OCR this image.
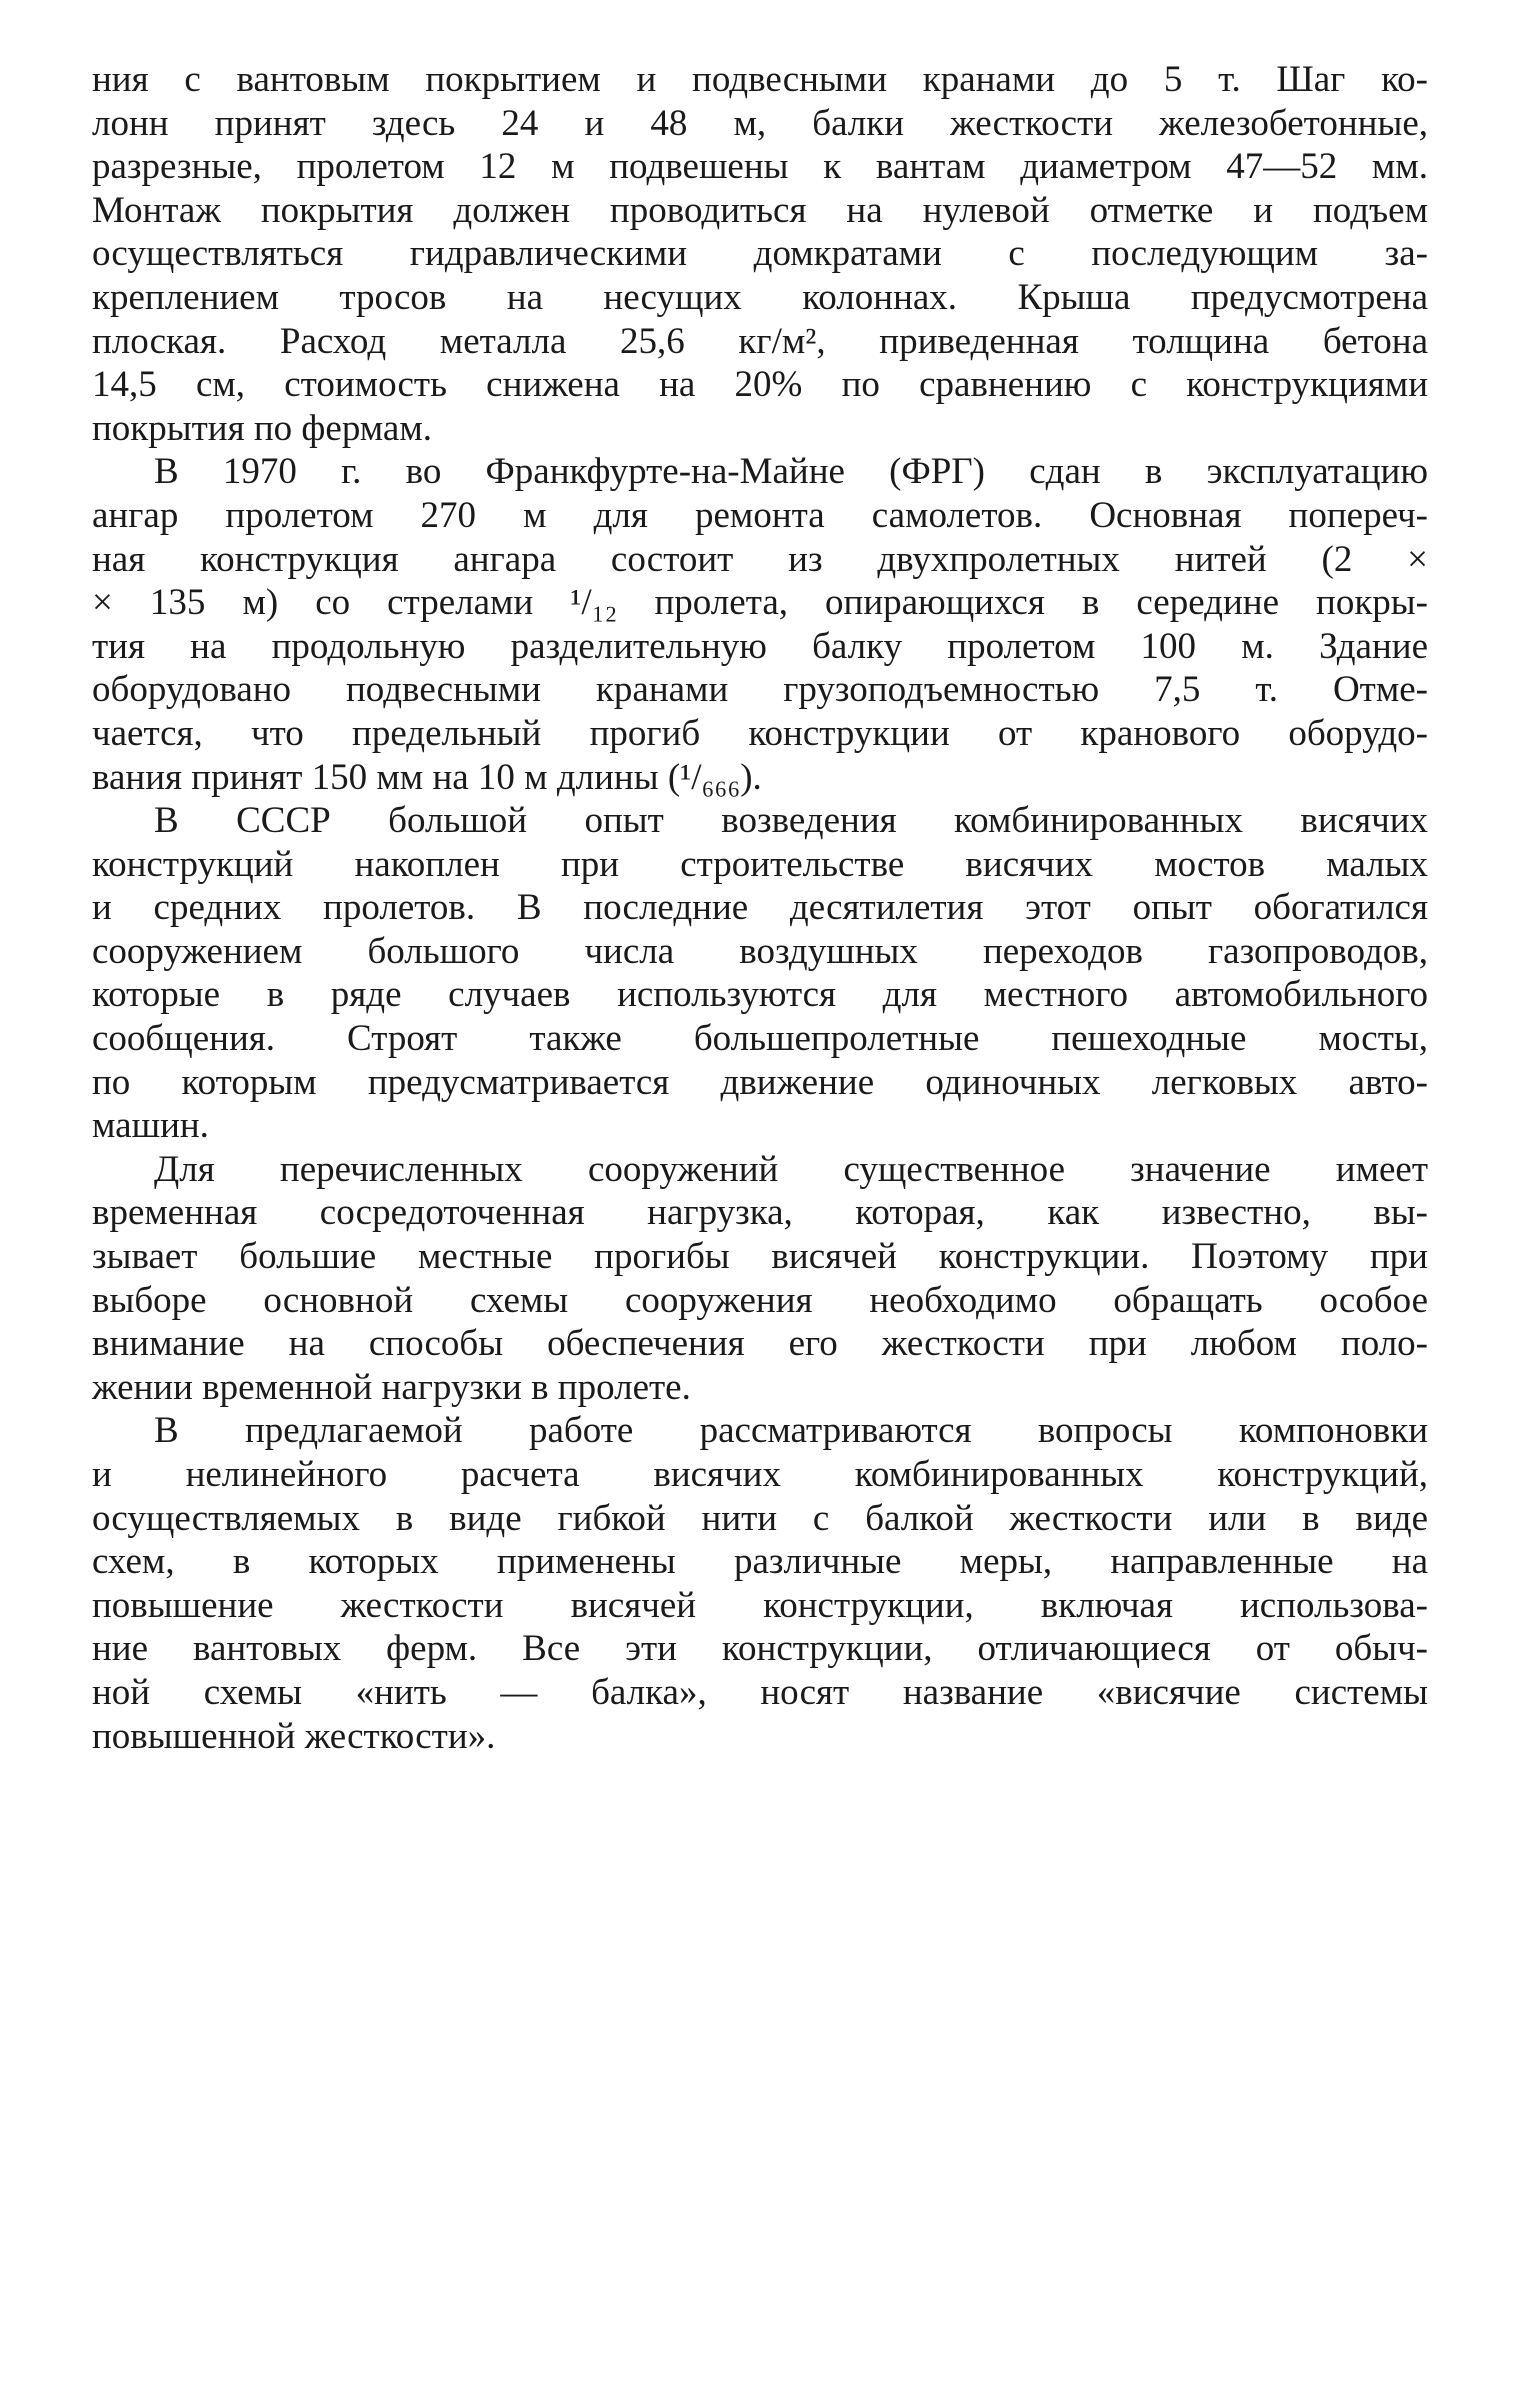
ния с вантовым покрытием и подвесными кранами до 5 т. Шаг ко-
лонн принят здесь 24 и 48 м, балки жесткости железобетонные,
разрезные, пролетом 12 м подвешены к вантам диаметром 47—52 мм.
Монтаж покрытия должен проводиться на нулевой отметке и подъем
осуществляться гидравлическими домкратами с последующим за-
креплением тросов на несущих колоннах. Крыша предусмотрена
плоская. Расход металла 25,6 кг/м², приведенная толщина бетона
14,5 см, стоимость снижена на 20% по сравнению с конструкциями
покрытия по фермам.

В 1970 г. во Франкфурте-на-Майне (ФРГ) сдан в эксплуатацию
ангар пролетом 270 м для ремонта самолетов. Основная попереч-
ная конструкция ангара состоит из двухпролетных нитей (2 ×
× 135 м) со стрелами ¹/₁₂ пролета, опирающихся в середине покры-
тия на продольную разделительную балку пролетом 100 м. Здание
оборудовано подвесными кранами грузоподъемностью 7,5 т. Отме-
чается, что предельный прогиб конструкции от кранового оборудо-
вания принят 150 мм на 10 м длины (¹/₆₆₆).

В СССР большой опыт возведения комбинированных висячих
конструкций накоплен при строительстве висячих мостов малых
и средних пролетов. В последние десятилетия этот опыт обогатился
сооружением большого числа воздушных переходов газопроводов,
которые в ряде случаев используются для местного автомобильного
сообщения. Строят также большепролетные пешеходные мосты,
по которым предусматривается движение одиночных легковых авто-
машин.

Для перечисленных сооружений существенное значение имеет
временная сосредоточенная нагрузка, которая, как известно, вы-
зывает большие местные прогибы висячей конструкции. Поэтому при
выборе основной схемы сооружения необходимо обращать особое
внимание на способы обеспечения его жесткости при любом поло-
жении временной нагрузки в пролете.

В предлагаемой работе рассматриваются вопросы компоновки
и нелинейного расчета висячих комбинированных конструкций,
осуществляемых в виде гибкой нити с балкой жесткости или в виде
схем, в которых применены различные меры, направленные на
повышение жесткости висячей конструкции, включая использова-
ние вантовых ферм. Все эти конструкции, отличающиеся от обыч-
ной схемы «нить — балка», носят название «висячие системы
повышенной жесткости».
